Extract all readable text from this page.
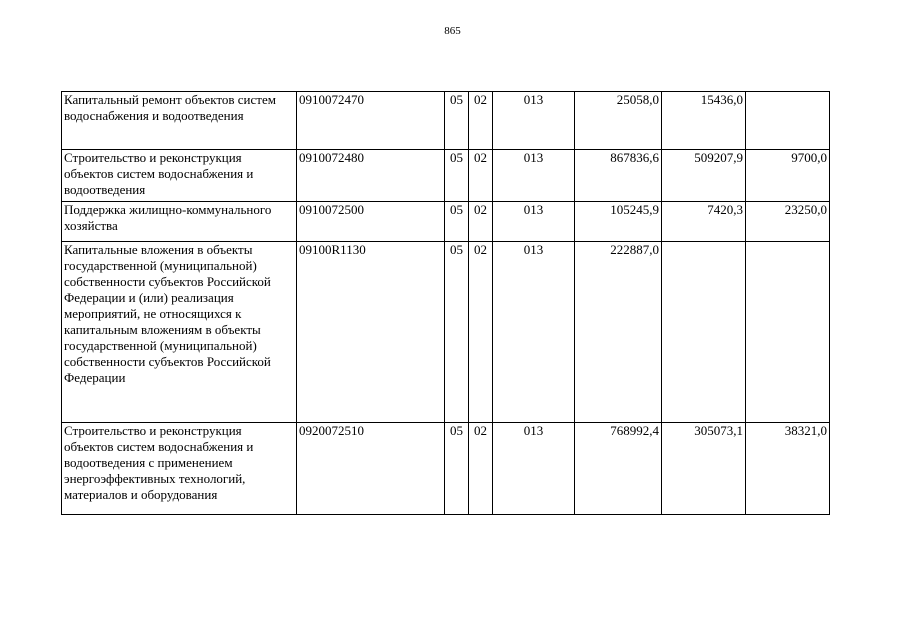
865
Капитальный ремонт объектов систем водоснабжения и водоотведения	0910072470	05	02	013	25058,0	15436,0	
Строительство и реконструкция объектов систем водоснабжения и водоотведения	0910072480	05	02	013	867836,6	509207,9	9700,0
Поддержка жилищно-коммунального хозяйства	0910072500	05	02	013	105245,9	7420,3	23250,0
Капитальные вложения в объекты государственной (муниципальной) собственности субъектов Российской Федерации и (или) реализация мероприятий, не относящихся к капитальным вложениям в объекты государственной (муниципальной) собственности субъектов Российской Федерации	09100R1130	05	02	013	222887,0		
Строительство и реконструкция объектов систем водоснабжения и водоотведения с применением энергоэффективных технологий, материалов и оборудования	0920072510	05	02	013	768992,4	305073,1	38321,0
